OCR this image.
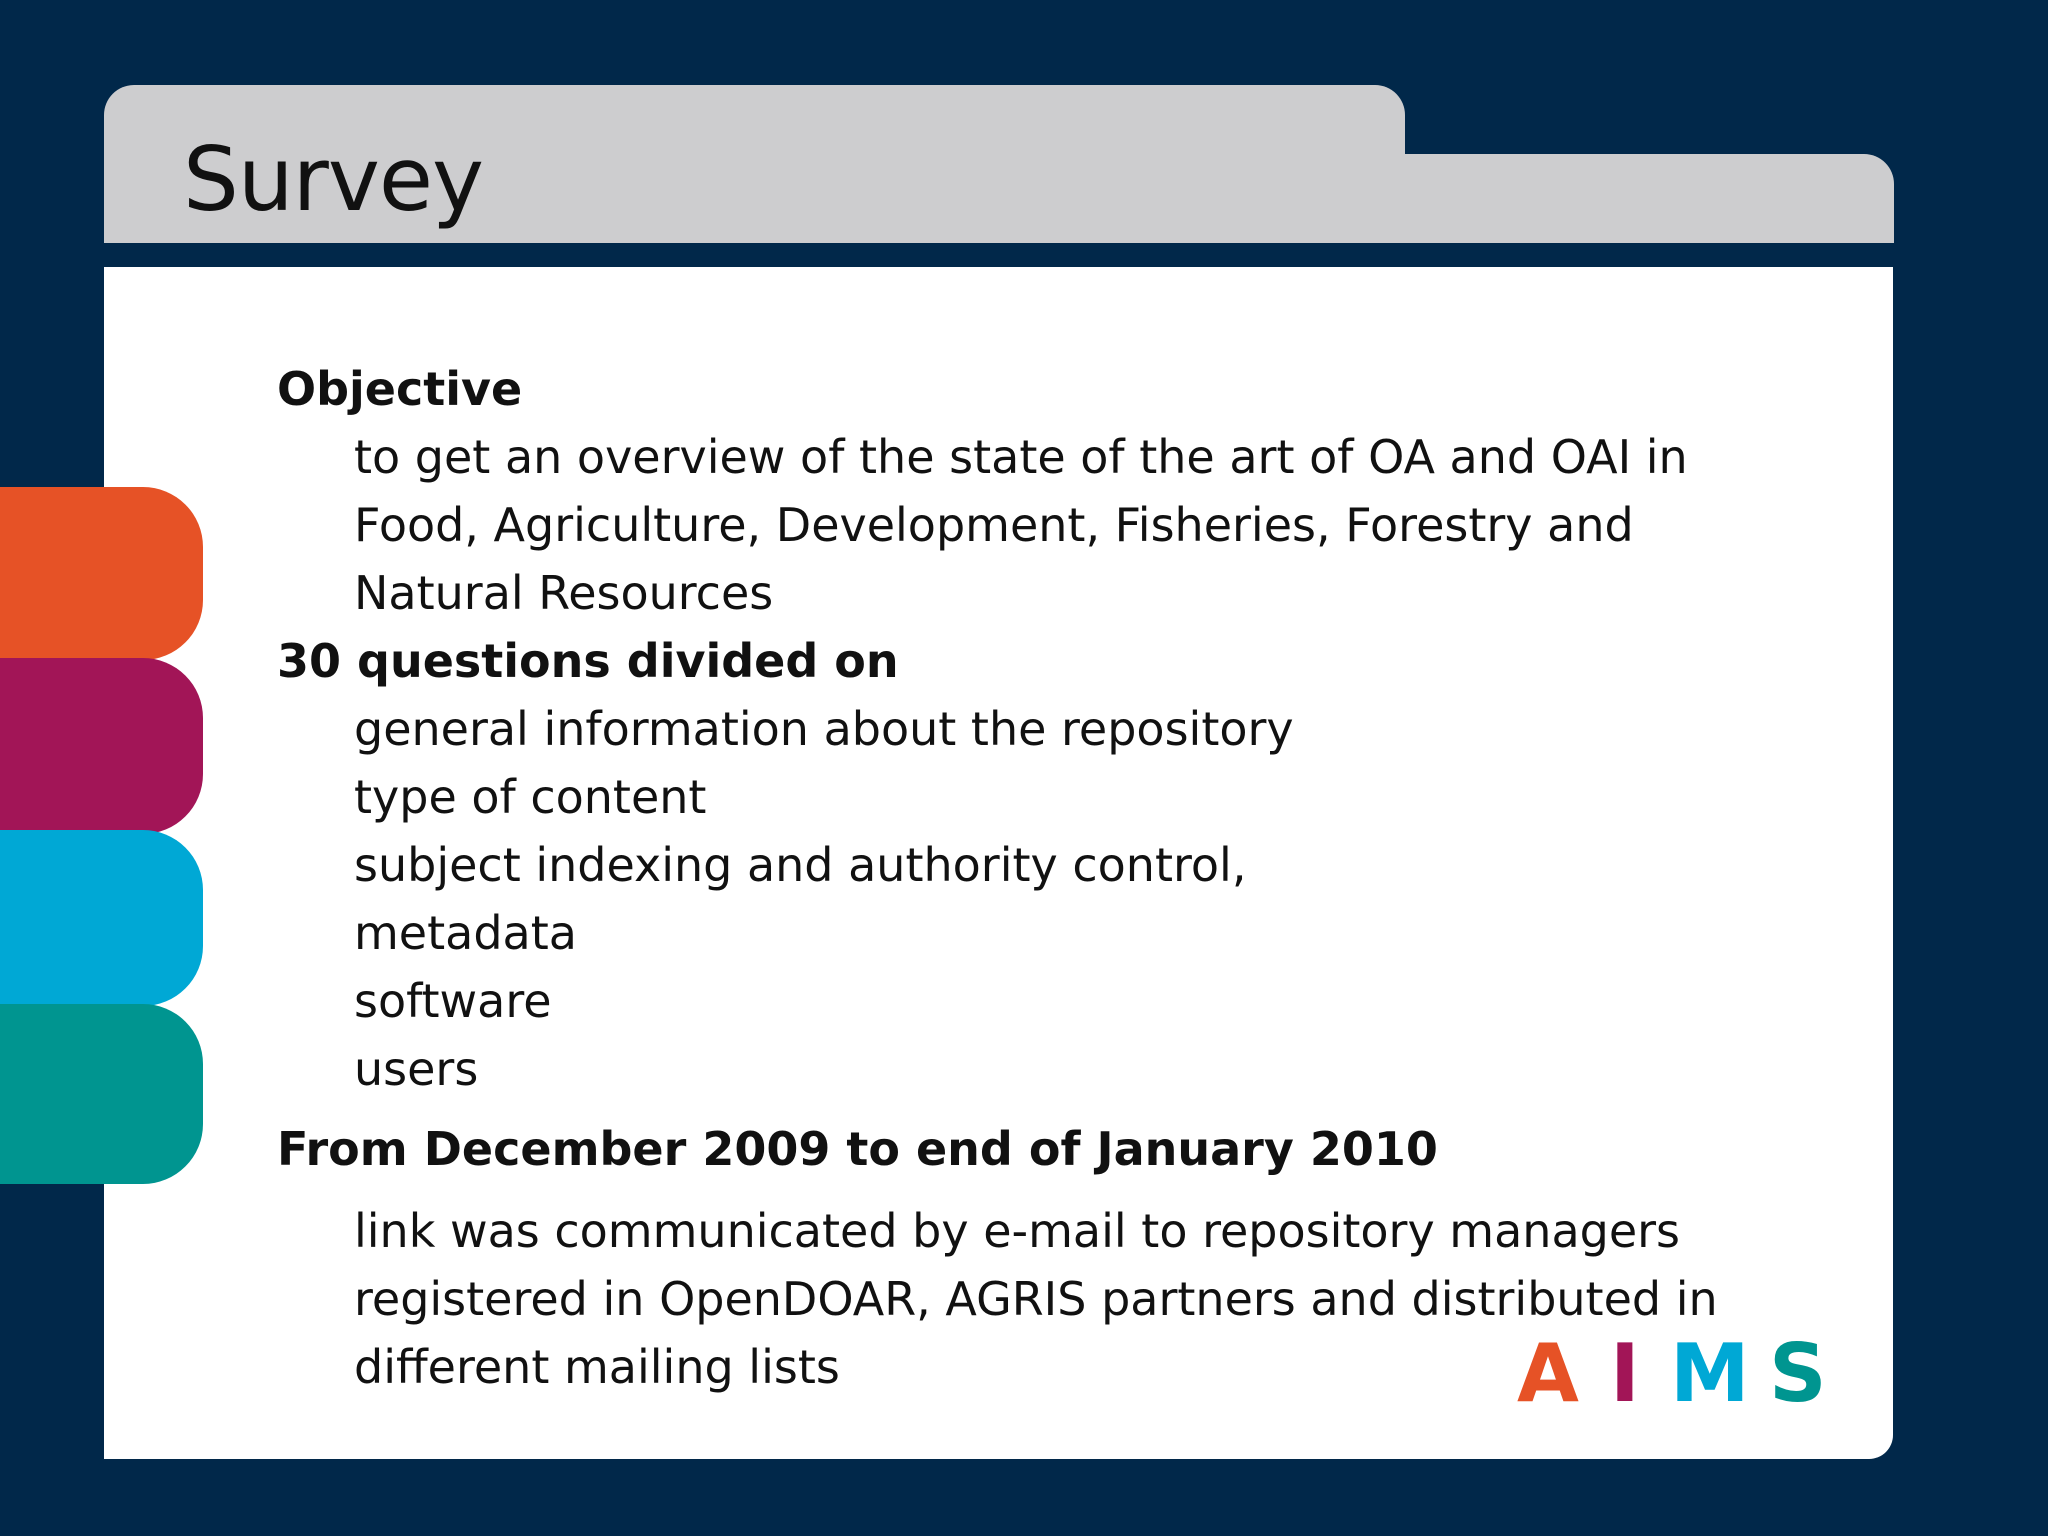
Survey

Objective

to get an overview of the state of the art of OA and OAI in

Food, Agriculture, Development, Fisheries, Forestry and

Natural Resources

30 questions divided on

general information about the repository

type of content

subject indexing and authority control,

metadata

software

users

From December 2009 to end of January 2010

link was communicated by e-mail to repository managers

registered in OpenDOAR, AGRIS partners and distributed in

different mailing lists	A I M S
